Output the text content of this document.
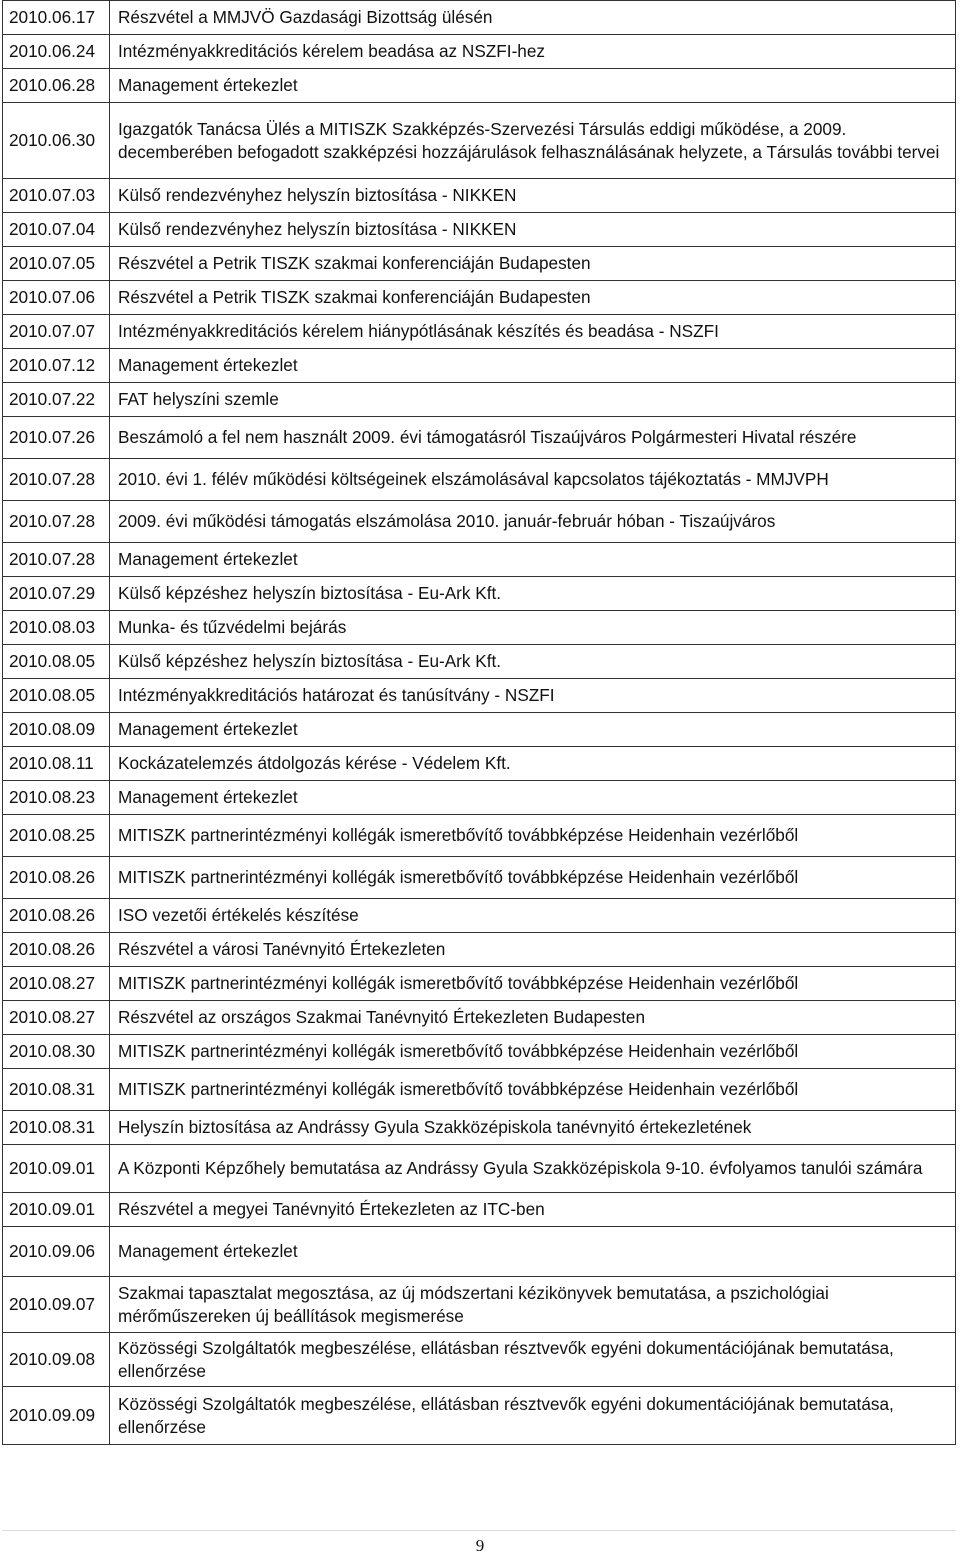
2010.06.17	Részvétel a MMJVÖ Gazdasági Bizottság ülésén
2010.06.24	Intézményakkreditációs kérelem beadása az NSZFI-hez
2010.06.28	Management értekezlet
2010.06.30	Igazgatók Tanácsa Ülés a MITISZK Szakképzés-Szervezési Társulás eddigi működése, a 2009. decemberében befogadott szakképzési hozzájárulások felhasználásának helyzete, a Társulás további tervei
2010.07.03	Külső rendezvényhez helyszín biztosítása - NIKKEN
2010.07.04	Külső rendezvényhez helyszín biztosítása - NIKKEN
2010.07.05	Részvétel a Petrik TISZK szakmai konferenciáján Budapesten
2010.07.06	Részvétel a Petrik TISZK szakmai konferenciáján Budapesten
2010.07.07	Intézményakkreditációs kérelem hiánypótlásának készítés és beadása - NSZFI
2010.07.12	Management értekezlet
2010.07.22	FAT helyszíni szemle
2010.07.26	Beszámoló a fel nem használt 2009. évi támogatásról Tiszaújváros Polgármesteri Hivatal részére
2010.07.28	2010. évi 1. félév működési költségeinek elszámolásával kapcsolatos tájékoztatás - MMJVPH
2010.07.28	2009. évi működési támogatás elszámolása 2010. január-február hóban - Tiszaújváros
2010.07.28	Management értekezlet
2010.07.29	Külső képzéshez helyszín biztosítása - Eu-Ark Kft.
2010.08.03	Munka- és tűzvédelmi bejárás
2010.08.05	Külső képzéshez helyszín biztosítása - Eu-Ark Kft.
2010.08.05	Intézményakkreditációs határozat és tanúsítvány - NSZFI
2010.08.09	Management értekezlet
2010.08.11	Kockázatelemzés átdolgozás kérése - Védelem Kft.
2010.08.23	Management értekezlet
2010.08.25	MITISZK partnerintézményi kollégák ismeretbővítő továbbképzése Heidenhain vezérlőből
2010.08.26	MITISZK partnerintézményi kollégák ismeretbővítő továbbképzése Heidenhain vezérlőből
2010.08.26	ISO vezetői értékelés készítése
2010.08.26	Részvétel a városi Tanévnyitó Értekezleten
2010.08.27	MITISZK partnerintézményi kollégák ismeretbővítő továbbképzése Heidenhain vezérlőből
2010.08.27	Részvétel az országos Szakmai Tanévnyitó Értekezleten Budapesten
2010.08.30	MITISZK partnerintézményi kollégák ismeretbővítő továbbképzése Heidenhain vezérlőből
2010.08.31	MITISZK partnerintézményi kollégák ismeretbővítő továbbképzése Heidenhain vezérlőből
2010.08.31	Helyszín biztosítása az Andrássy Gyula Szakközépiskola tanévnyitó értekezletének
2010.09.01	A Központi Képzőhely bemutatása az Andrássy Gyula Szakközépiskola 9-10. évfolyamos tanulói számára
2010.09.01	Részvétel a megyei Tanévnyitó Értekezleten az ITC-ben
2010.09.06	Management értekezlet
2010.09.07	Szakmai tapasztalat megosztása, az új módszertani kézikönyvek bemutatása, a pszichológiai mérőműszereken új beállítások megismerése
2010.09.08	Közösségi Szolgáltatók megbeszélése, ellátásban résztvevők egyéni dokumentációjának bemutatása, ellenőrzése
2010.09.09	Közösségi Szolgáltatók megbeszélése, ellátásban résztvevők egyéni dokumentációjának bemutatása, ellenőrzése
9
